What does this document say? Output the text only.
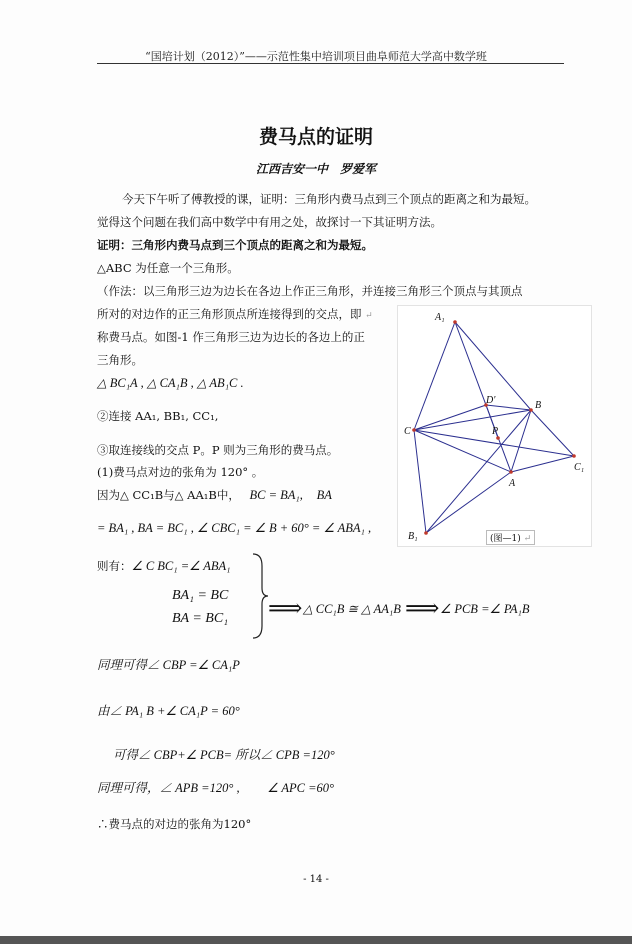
“国培计划（2012）”——示范性集中培训项目曲阜师范大学高中数学班
费马点的证明
江西吉安一中　罗爱军
今天下午听了傅教授的课，证明：三角形内费马点到三个顶点的距离之和为最短。
觉得这个问题在我们高中数学中有用之处，故探讨一下其证明方法。
证明：三角形内费马点到三个顶点的距离之和为最短。
△ABC 为任意一个三角形。
（作法：以三角形三边为边长在各边上作正三角形，并连接三角形三个顶点与其顶点
所对的对边作的正三角形顶点所连接得到的交点，即 ↵
称费马点。如图-1 作三角形三边为边长的各边上的正
三角形。
△ BC₁A , △ CA₁B , △ AB₁C .
②连接 AA₁, BB₁, CC₁,
③取连接线的交点 P。P 则为三角形的费马点。
(1)费马点对边的张角为 120° 。
因为△ CC₁B与△ AA₁B中， BC = BA₁, BA
= BA₁ , BA = BC₁ , ∠ CBC₁ = ∠ B + 60° = ∠ ABA₁ ,
则有：∠ C BC₁ =∠ ABA₁
BA₁ = BC
BA = BC₁ ⟹ △ CC₁B ≅ △ AA₁B ⟹ ∠ PCB =∠ PA₁B
同理可得∠ CBP =∠ CA₁P
由∠ PA₁ B +∠ CA₁P = 60°
可得∠ CBP+∠ PCB= 所以∠ CPB =120°
同理可得，∠ APB =120° , ∠ APC =60°
∴费马点的对边的张角为120°
A₁
B
C
C₁
P
A
B₁
D'
(图—1) ↵
- 14 -
